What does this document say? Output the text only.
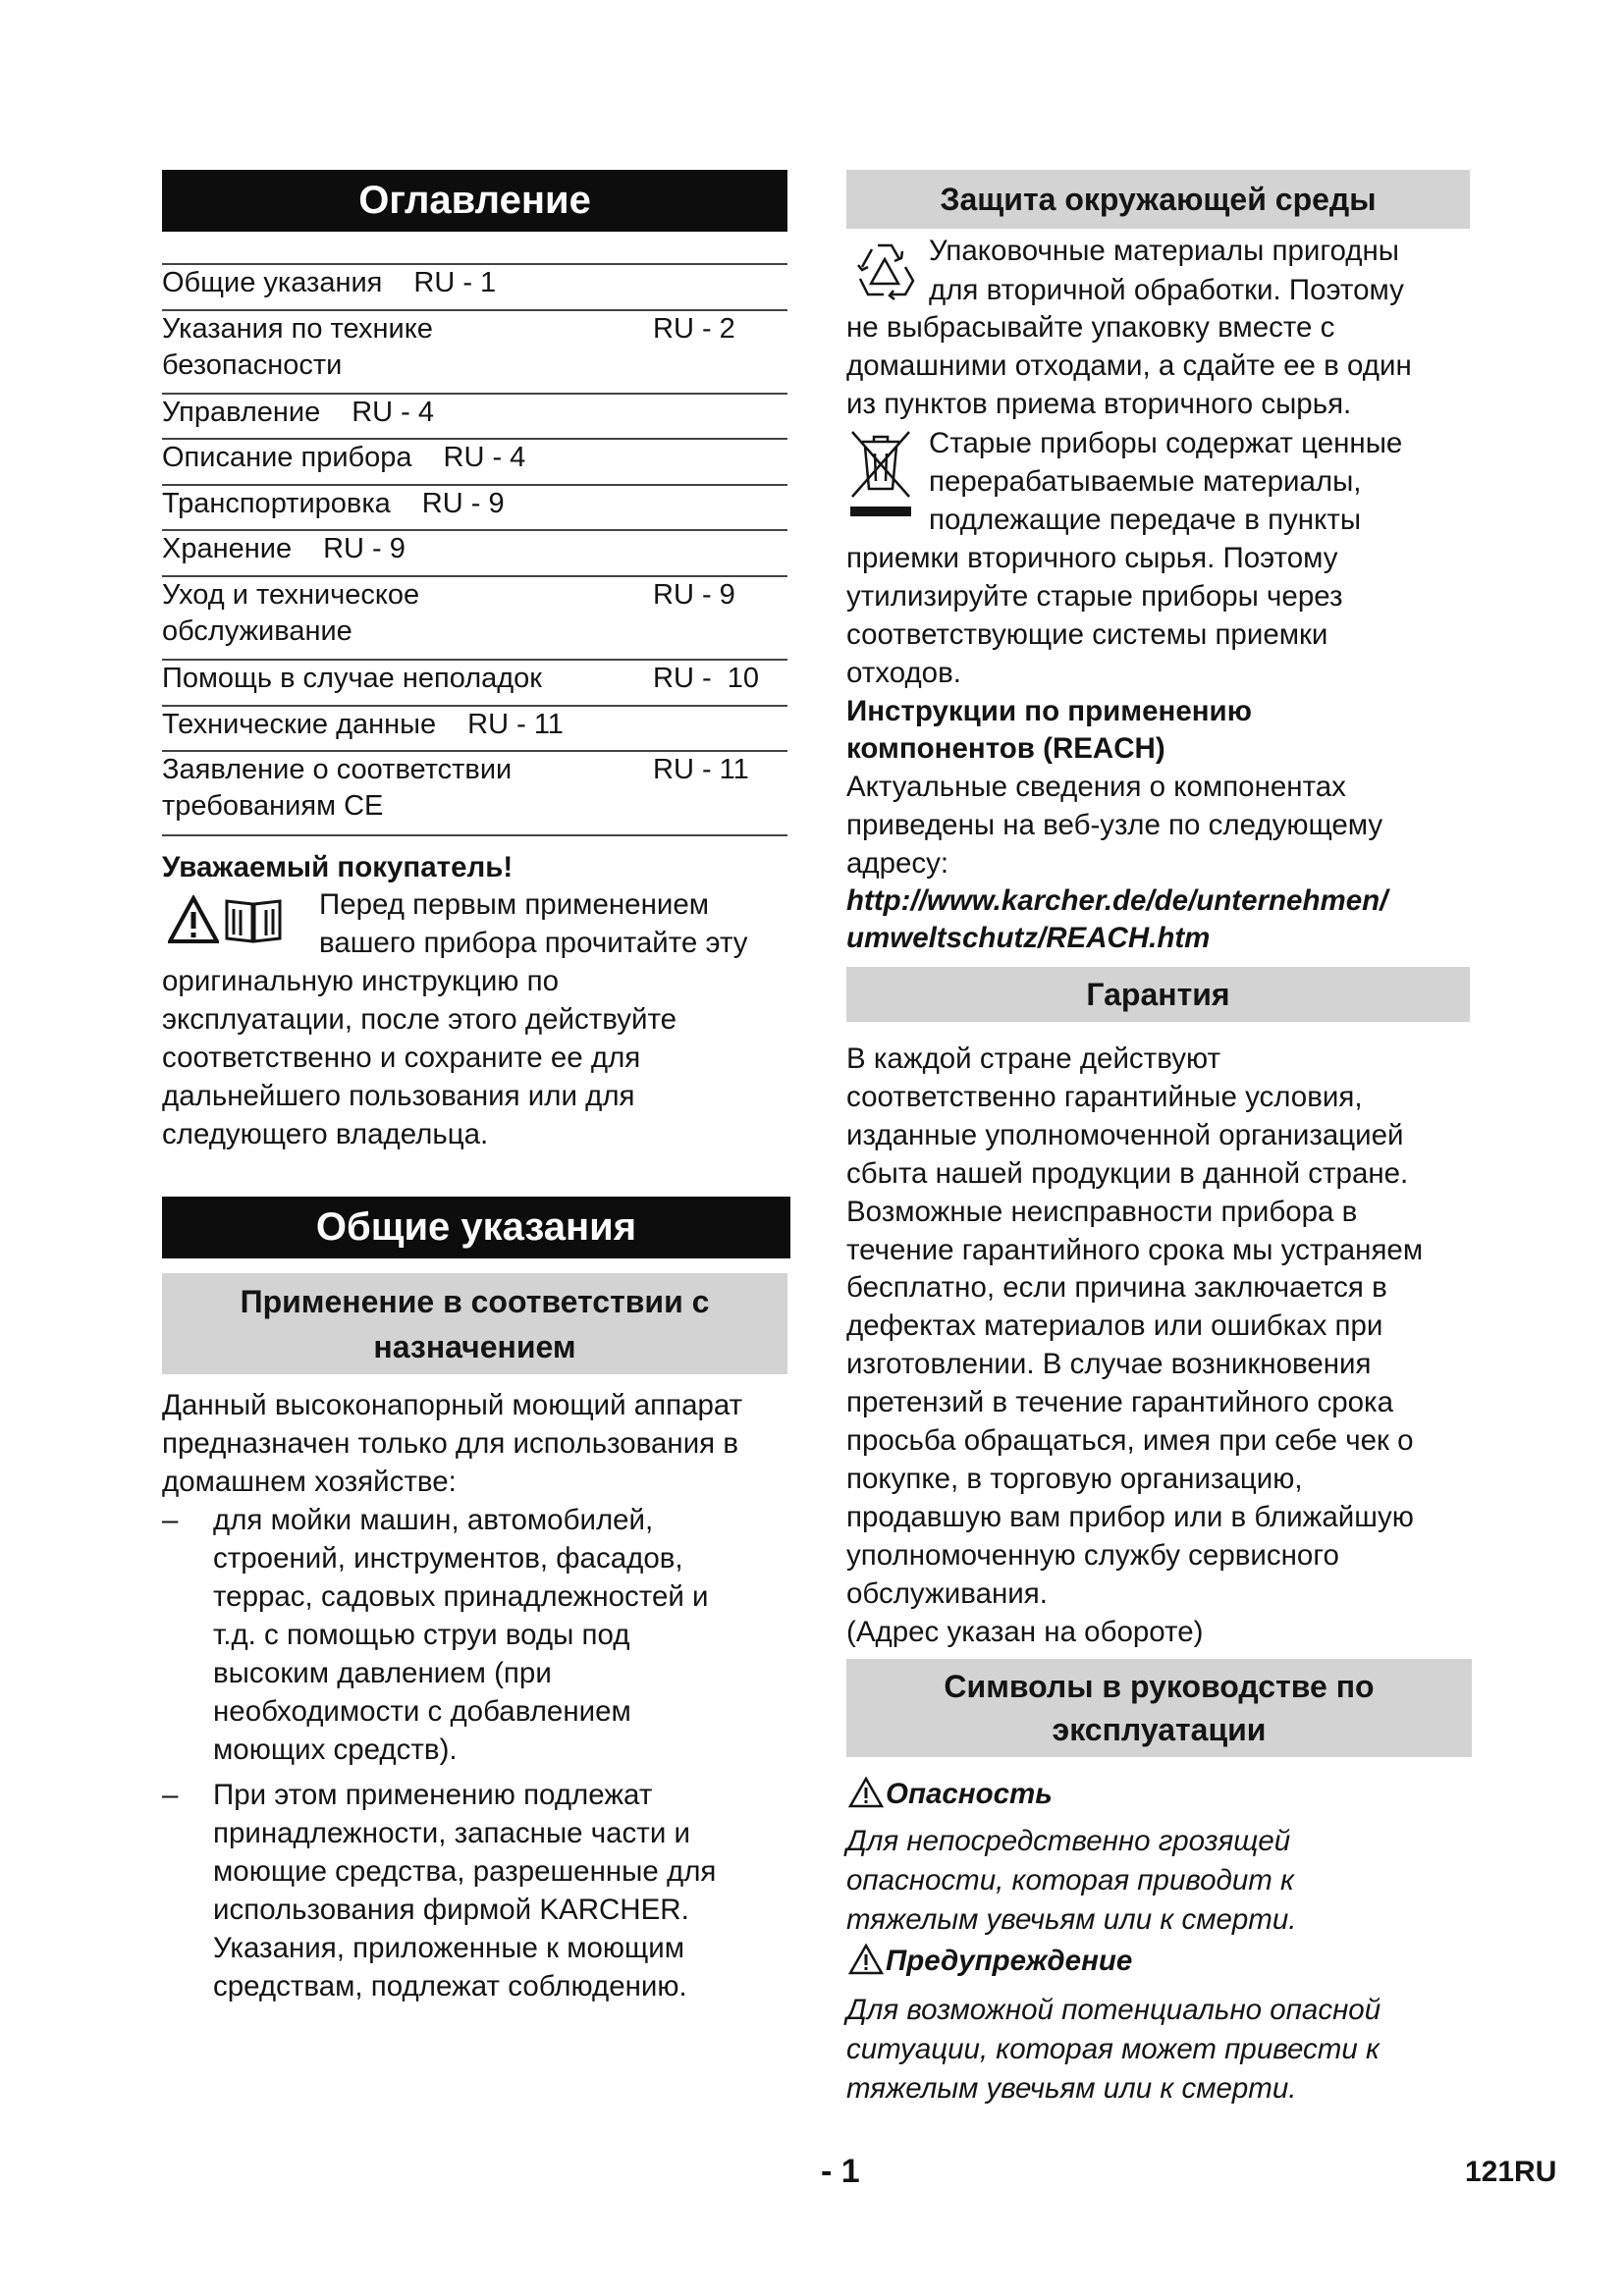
Оглавление
Общие указания RU - 1
Указания по технике
безопасности
RU - 2
Управление RU - 4
Описание прибора RU - 4
Транспортировка RU - 9
Хранение RU - 9
Уход и техническое
обслуживание
RU - 9
Помощь в случае неполадок	RU -  10
Технические данные RU - 11
Заявление о соответствии
требованиям CE
RU - 11
Уважаемый покупатель!
Перед первым применением
вашего прибора прочитайте эту
оригинальную инструкцию по
эксплуатации, после этого действуйте
соответственно и сохраните ее для
дальнейшего пользования или для
следующего владельца.
Общие указания
Применение в соответствии с
назначением
Данный высоконапорный моющий аппарат
предназначен только для использования в
домашнем хозяйстве:
– для мойки машин, автомобилей,
строений, инструментов, фасадов,
террас, садовых принадлежностей и
т.д. с помощью струи воды под
высоким давлением (при
необходимости с добавлением
моющих средств).
– При этом применению подлежат
принадлежности, запасные части и
моющие средства, разрешенные для
использования фирмой KARCHER.
Указания, приложенные к моющим
средствам, подлежат соблюдению.
Защита окружающей среды
Упаковочные материалы пригодны
для вторичной обработки. Поэтому
не выбрасывайте упаковку вместе с
домашними отходами, а сдайте ее в один
из пунктов приема вторичного сырья.
Старые приборы содержат ценные
перерабатываемые материалы,
подлежащие передаче в пункты
приемки вторичного сырья. Поэтому
утилизируйте старые приборы через
соответствующие системы приемки
отходов.
Инструкции по применению
компонентов (REACH)
Актуальные сведения о компонентах
приведены на веб-узле по следующему
адресу:
http://www.karcher.de/de/unternehmen/
umweltschutz/REACH.htm
Гарантия
В каждой стране действуют
соответственно гарантийные условия,
изданные уполномоченной организацией
сбыта нашей продукции в данной стране.
Возможные неисправности прибора в
течение гарантийного срока мы устраняем
бесплатно, если причина заключается в
дефектах материалов или ошибках при
изготовлении. В случае возникновения
претензий в течение гарантийного срока
просьба обращаться, имея при себе чек о
покупке, в торговую организацию,
продавшую вам прибор или в ближайшую
уполномоченную службу сервисного
обслуживания.
(Адрес указан на обороте)
Символы в руководстве по
эксплуатации
Опасность
Для непосредственно грозящей
опасности, которая приводит к
тяжелым увечьям или к смерти.
Предупреждение
Для возможной потенциально опасной
ситуации, которая может привести к
тяжелым увечьям или к смерти.
- 1	121RU
